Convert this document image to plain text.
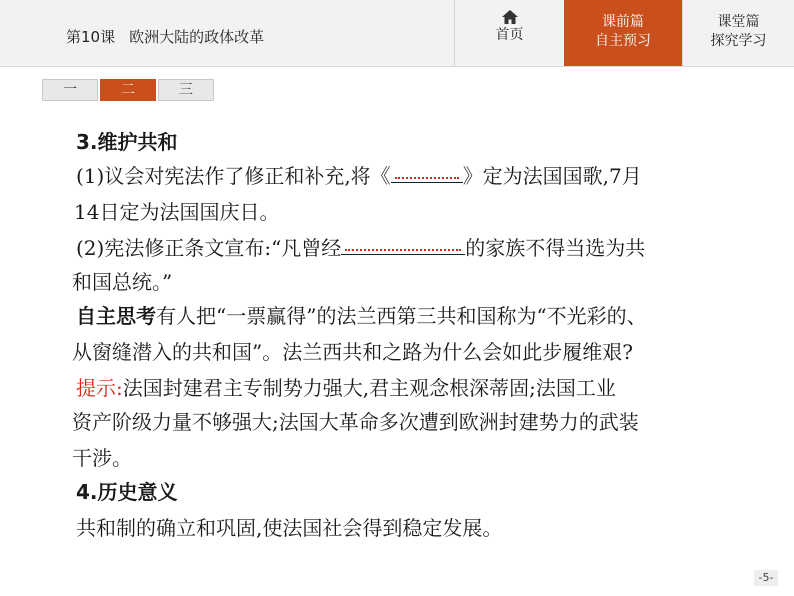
第10课 欧洲大陆的政体改革	首页
课前篇
自主预习
课堂篇
探究学习
一	二	三
3.维护共和
(1)议会对宪法作了修正和补充,将《	》定为法国国歌,7月
14日定为法国国庆日。
(2)宪法修正条文宣布:“凡曾经	的家族不得当选为共
和国总统。”
自主思考有人把“一票赢得”的法兰西第三共和国称为“不光彩的、
从窗缝潜入的共和国”。法兰西共和之路为什么会如此步履维艰?
提示:法国封建君主专制势力强大,君主观念根深蒂固;法国工业
资产阶级力量不够强大;法国大革命多次遭到欧洲封建势力的武装
干涉。
4.历史意义
共和制的确立和巩固,使法国社会得到稳定发展。
-5-
